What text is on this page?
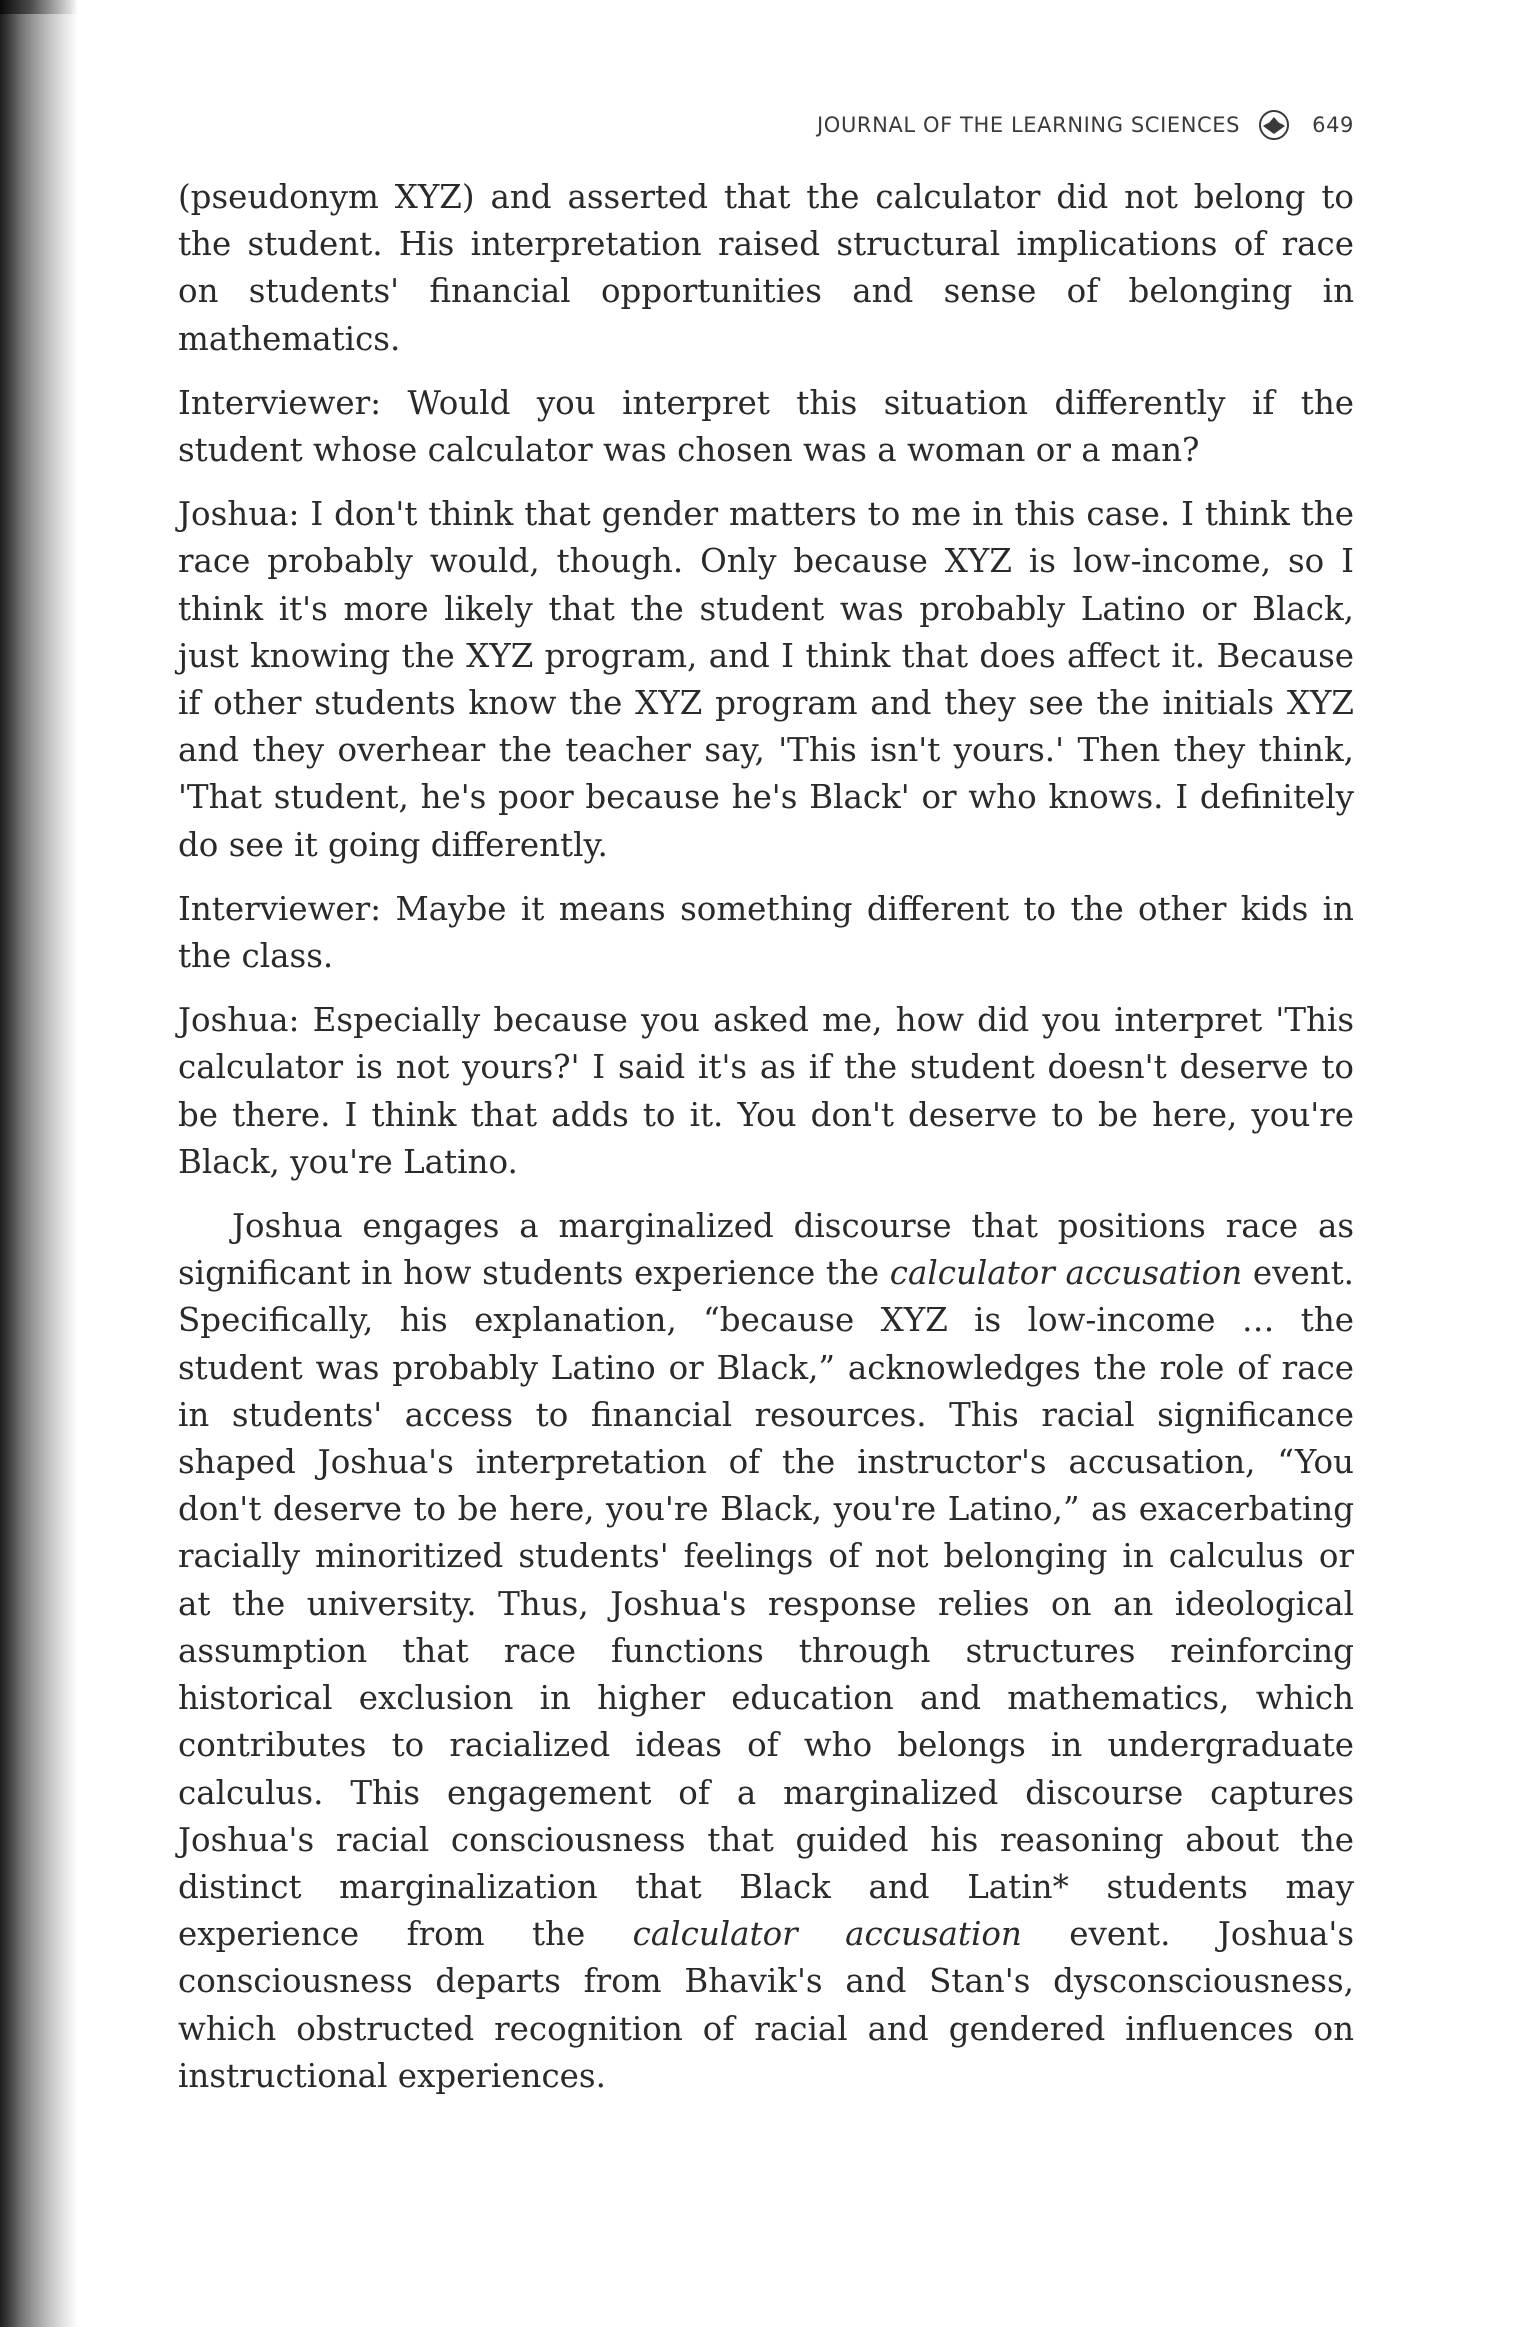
JOURNAL OF THE LEARNING SCIENCES	649

(pseudonym XYZ) and asserted that the calculator did not belong to the student. His interpretation raised structural implications of race on students' financial opportunities and sense of belonging in mathematics.

Interviewer: Would you interpret this situation differently if the student whose calculator was chosen was a woman or a man?

Joshua: I don't think that gender matters to me in this case. I think the race probably would, though. Only because XYZ is low-income, so I think it's more likely that the student was probably Latino or Black, just knowing the XYZ program, and I think that does affect it. Because if other students know the XYZ program and they see the initials XYZ and they overhear the teacher say, 'This isn't yours.' Then they think, 'That student, he's poor because he's Black' or who knows. I definitely do see it going differently.

Interviewer: Maybe it means something different to the other kids in the class.

Joshua: Especially because you asked me, how did you interpret 'This calculator is not yours?' I said it's as if the student doesn't deserve to be there. I think that adds to it. You don't deserve to be here, you're Black, you're Latino.

Joshua engages a marginalized discourse that positions race as significant in how students experience the calculator accusation event. Specifically, his explanation, “because XYZ is low-income … the student was probably Latino or Black,” acknowledges the role of race in students' access to financial resources. This racial significance shaped Joshua's interpretation of the instructor's accusation, “You don't deserve to be here, you're Black, you're Latino,” as exacerbating racially minoritized students' feelings of not belonging in calculus or at the university. Thus, Joshua's response relies on an ideological assumption that race functions through structures reinforcing historical exclusion in higher education and mathematics, which contributes to racialized ideas of who belongs in undergraduate calculus. This engagement of a marginalized discourse captures Joshua's racial consciousness that guided his reasoning about the distinct marginalization that Black and Latin* students may experience from the calculator accusation event. Joshua's consciousness departs from Bhavik's and Stan's dysconsciousness, which obstructed recognition of racial and gendered influences on instructional experiences.
